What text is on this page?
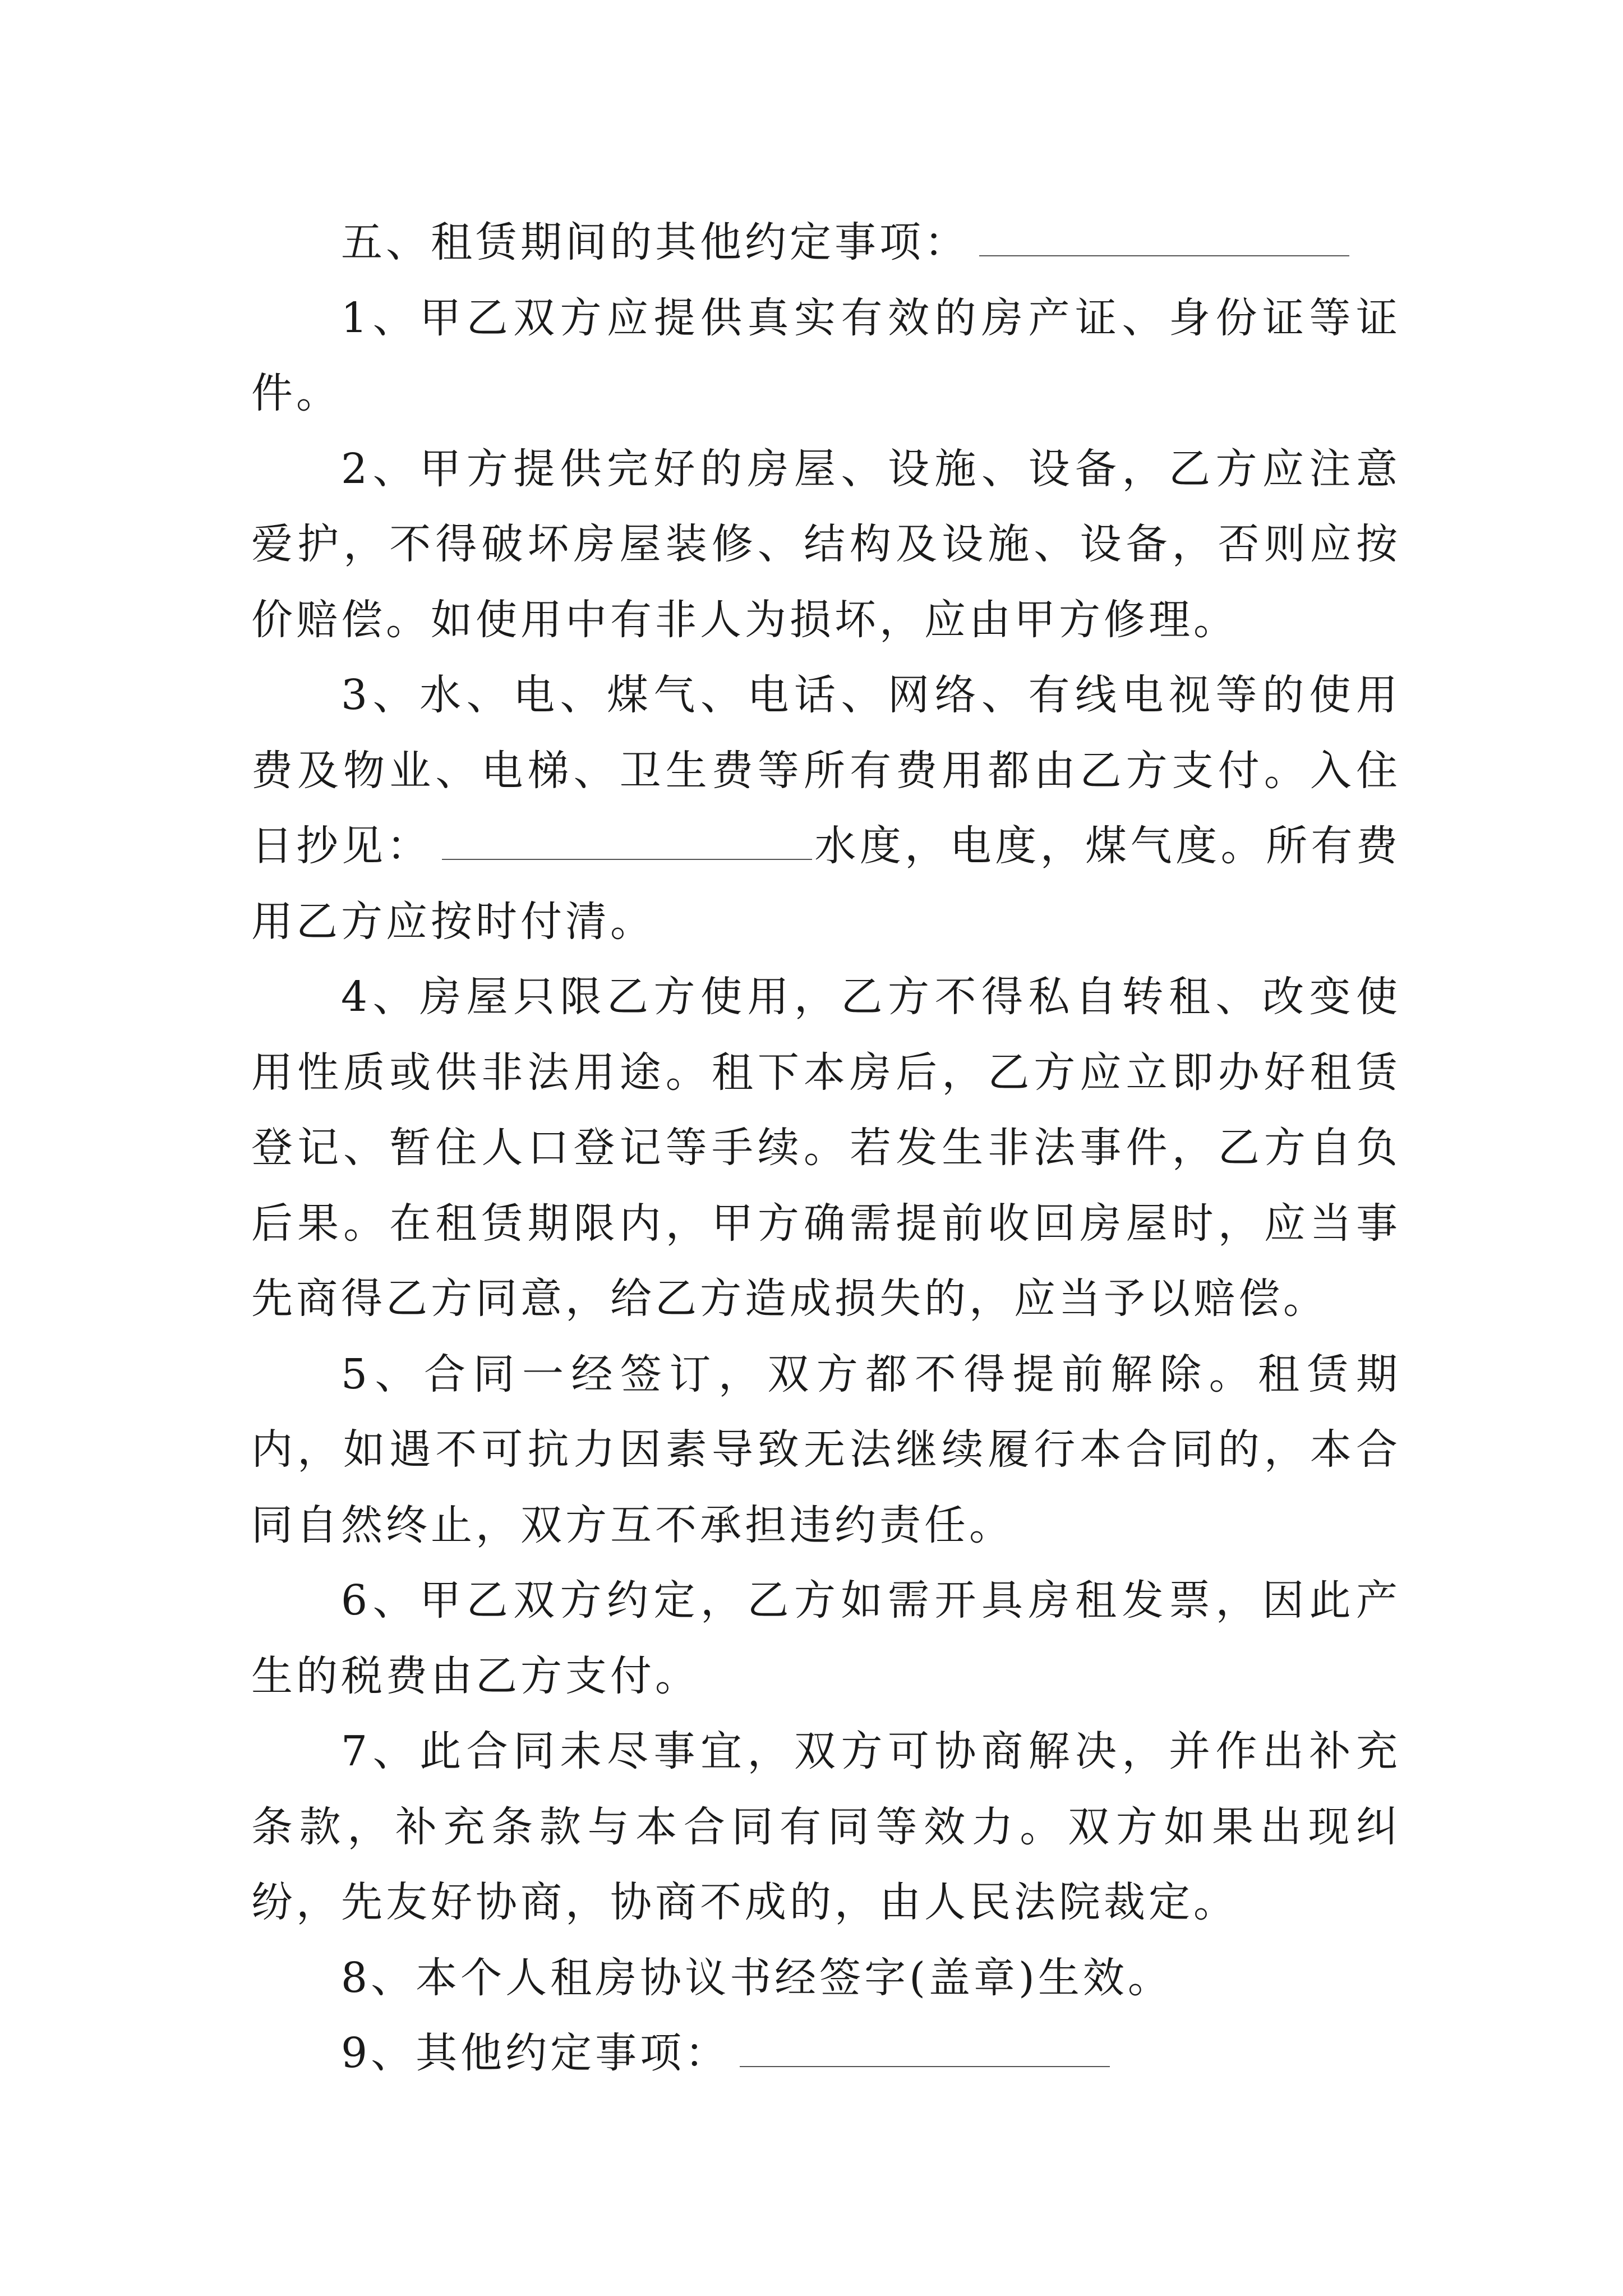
五、租赁期间的其他约定事项：

1、甲乙双方应提供真实有效的房产证、身份证等证件。

2、甲方提供完好的房屋、设施、设备，乙方应注意爱护，不得破坏房屋装修、结构及设施、设备，否则应按价赔偿。如使用中有非人为损坏，应由甲方修理。

3、水、电、煤气、电话、网络、有线电视等的使用费及物业、电梯、卫生费等所有费用都由乙方支付。入住日抄见：	水度，电度，煤气度。所有费用乙方应按时付清。

4、房屋只限乙方使用，乙方不得私自转租、改变使用性质或供非法用途。租下本房后，乙方应立即办好租赁登记、暂住人口登记等手续。若发生非法事件，乙方自负后果。在租赁期限内，甲方确需提前收回房屋时，应当事先商得乙方同意，给乙方造成损失的，应当予以赔偿。

5、合同一经签订，双方都不得提前解除。租赁期内，如遇不可抗力因素导致无法继续履行本合同的，本合同自然终止，双方互不承担违约责任。

6、甲乙双方约定，乙方如需开具房租发票，因此产生的税费由乙方支付。

7、此合同未尽事宜，双方可协商解决，并作出补充条款，补充条款与本合同有同等效力。双方如果出现纠纷，先友好协商，协商不成的，由人民法院裁定。

8、本个人租房协议书经签字(盖章)生效。

9、其他约定事项：
